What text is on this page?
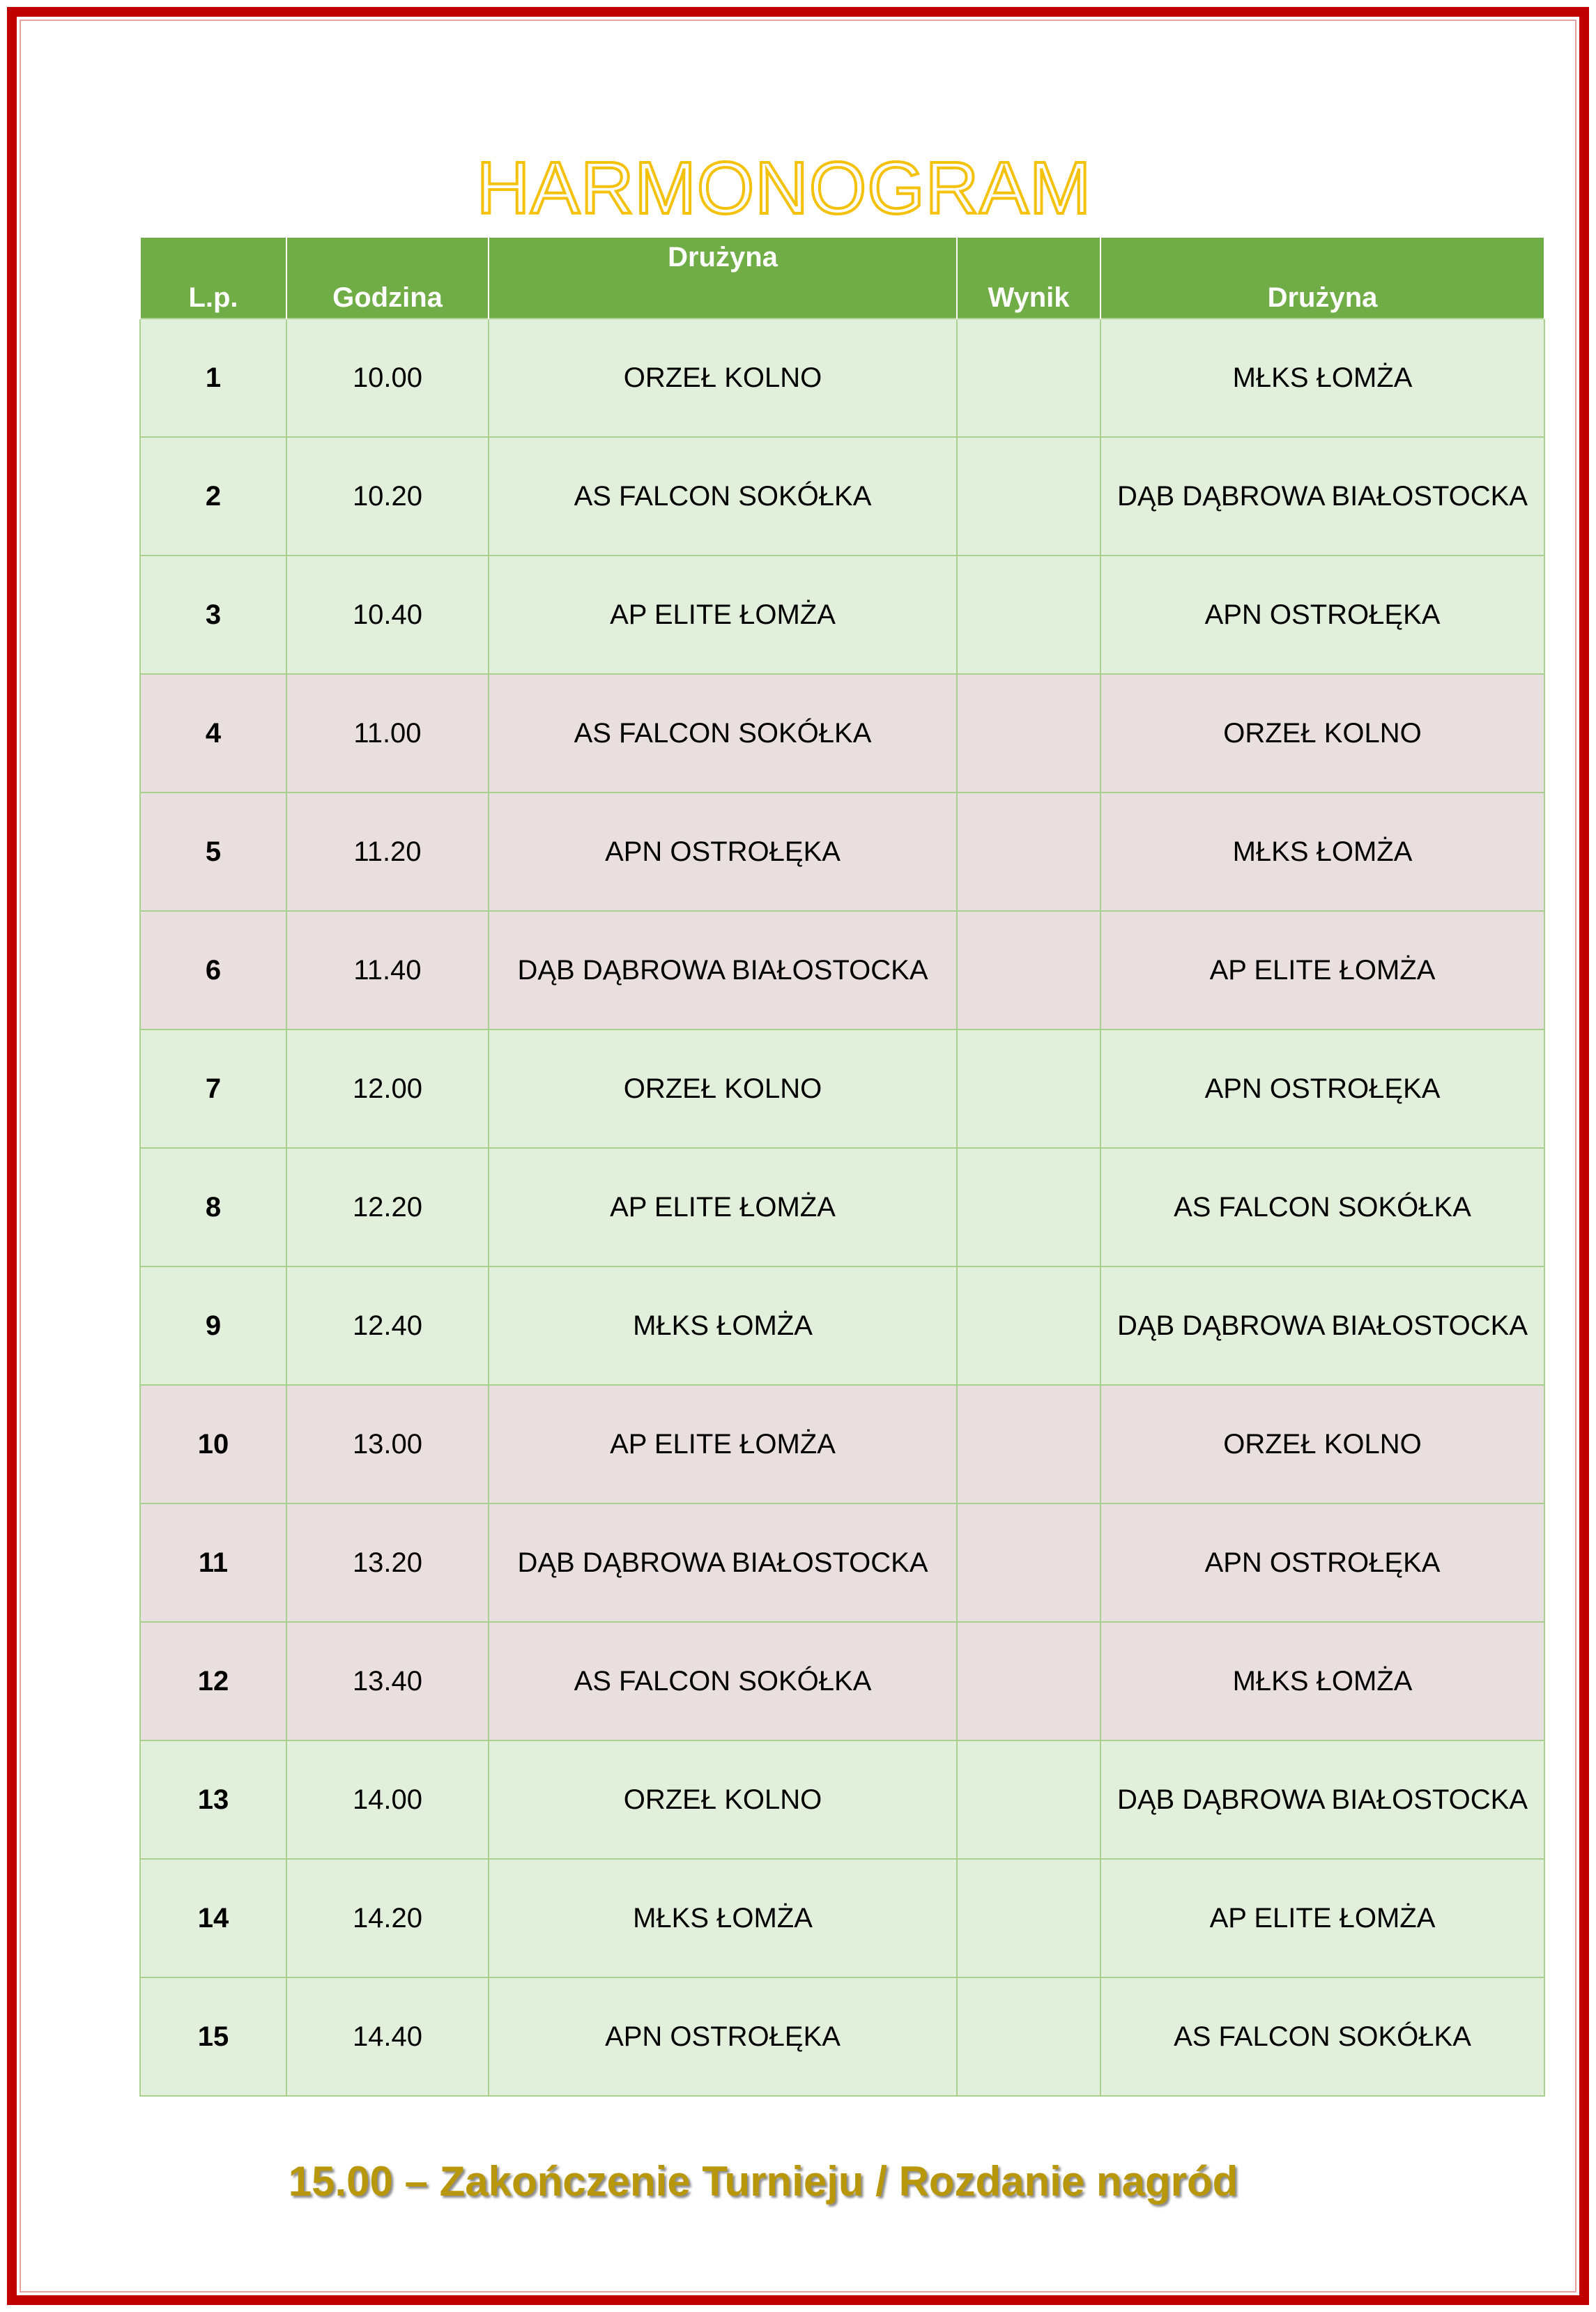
HARMONOGRAM
L.p.	Godzina	Drużyna	Wynik	Drużyna
1	10.00	ORZEŁ KOLNO		MŁKS ŁOMŻA
2	10.20	AS FALCON SOKÓŁKA		DĄB DĄBROWA BIAŁOSTOCKA
3	10.40	AP ELITE ŁOMŻA		APN OSTROŁĘKA
4	11.00	AS FALCON SOKÓŁKA		ORZEŁ KOLNO
5	11.20	APN OSTROŁĘKA		MŁKS ŁOMŻA
6	11.40	DĄB DĄBROWA BIAŁOSTOCKA		AP ELITE ŁOMŻA
7	12.00	ORZEŁ KOLNO		APN OSTROŁĘKA
8	12.20	AP ELITE ŁOMŻA		AS FALCON SOKÓŁKA
9	12.40	MŁKS ŁOMŻA		DĄB DĄBROWA BIAŁOSTOCKA
10	13.00	AP ELITE ŁOMŻA		ORZEŁ KOLNO
11	13.20	DĄB DĄBROWA BIAŁOSTOCKA		APN OSTROŁĘKA
12	13.40	AS FALCON SOKÓŁKA		MŁKS ŁOMŻA
13	14.00	ORZEŁ KOLNO		DĄB DĄBROWA BIAŁOSTOCKA
14	14.20	MŁKS ŁOMŻA		AP ELITE ŁOMŻA
15	14.40	APN OSTROŁĘKA		AS FALCON SOKÓŁKA
15.00 – Zakończenie Turnieju / Rozdanie nagród
